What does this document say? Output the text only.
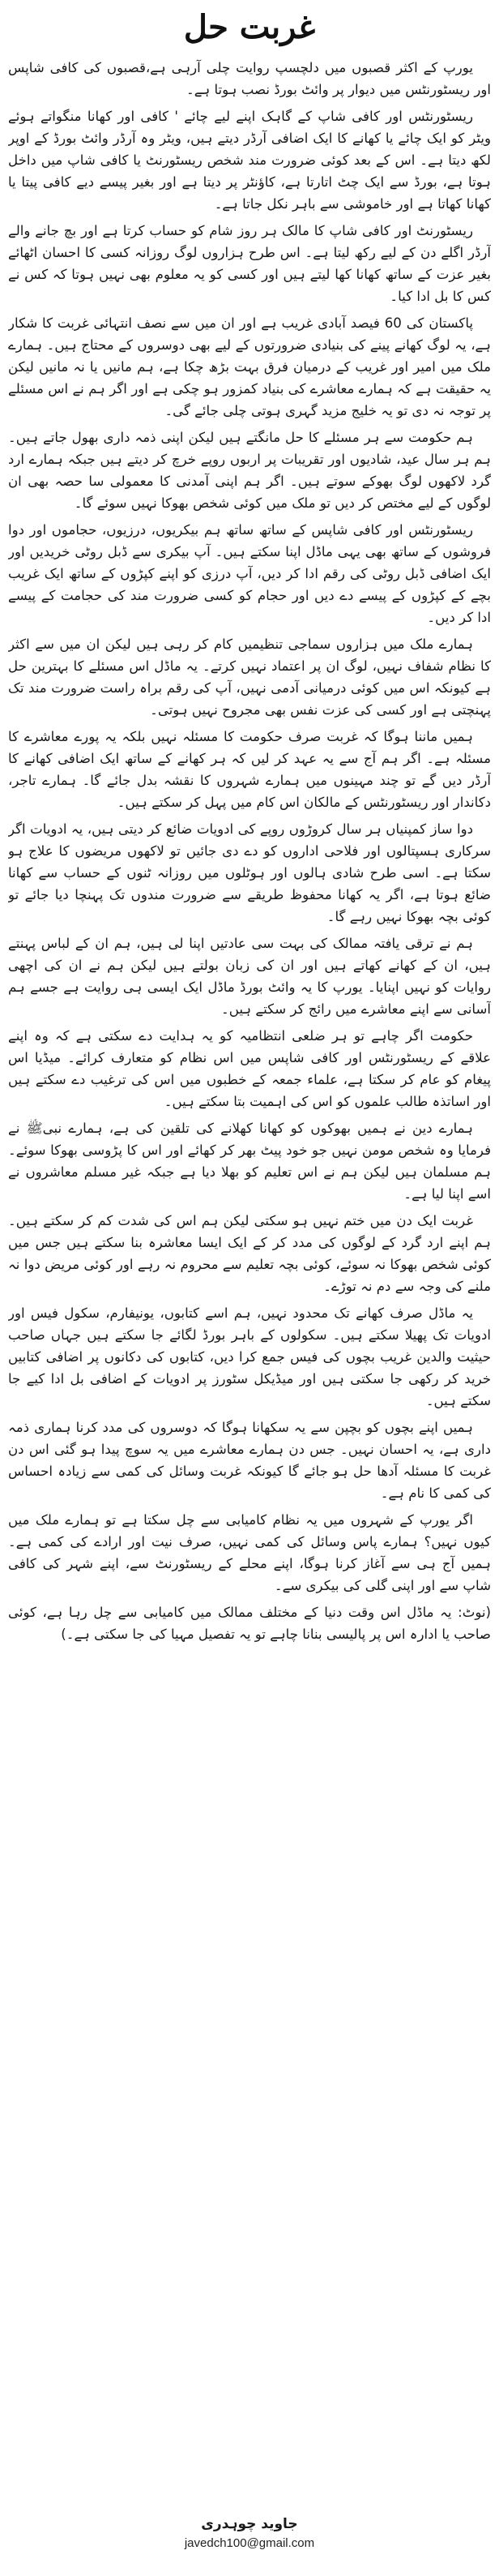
غربت حل

یورپ کے اکثر قصبوں میں دلچسپ روایت چلی آرہی ہے،قصبوں کی کافی شاپس اور ریسٹورنٹس میں دیوار پر وائٹ بورڈ نصب ہوتا ہے۔

ریسٹورنٹس اور کافی شاپ کے گاہک اپنے لیے چائے ' کافی اور کھانا منگواتے ہوئے ویٹر کو ایک چائے یا کھانے کا ایک اضافی آرڈر دیتے ہیں، ویٹر وہ آرڈر وائٹ بورڈ کے اوپر لکھ دیتا ہے۔ اس کے بعد کوئی ضرورت مند شخص ریسٹورنٹ یا کافی شاپ میں داخل ہوتا ہے، بورڈ سے ایک چٹ اتارتا ہے، کاؤنٹر پر دیتا ہے اور بغیر پیسے دیے کافی پیتا یا کھانا کھاتا ہے اور خاموشی سے باہر نکل جاتا ہے۔

ریسٹورنٹ اور کافی شاپ کا مالک ہر روز شام کو حساب کرتا ہے اور بچ جانے والے آرڈر اگلے دن کے لیے رکھ لیتا ہے۔ اس طرح ہزاروں لوگ روزانہ کسی کا احسان اٹھائے بغیر عزت کے ساتھ کھانا کھا لیتے ہیں اور کسی کو یہ معلوم بھی نہیں ہوتا کہ کس نے کس کا بل ادا کیا۔

پاکستان کی 60 فیصد آبادی غریب ہے اور ان میں سے نصف انتہائی غربت کا شکار ہے، یہ لوگ کھانے پینے کی بنیادی ضرورتوں کے لیے بھی دوسروں کے محتاج ہیں۔ ہمارے ملک میں امیر اور غریب کے درمیان فرق بہت بڑھ چکا ہے، ہم مانیں یا نہ مانیں لیکن یہ حقیقت ہے کہ ہمارے معاشرے کی بنیاد کمزور ہو چکی ہے اور اگر ہم نے اس مسئلے پر توجہ نہ دی تو یہ خلیج مزید گہری ہوتی چلی جائے گی۔

ہم حکومت سے ہر مسئلے کا حل مانگتے ہیں لیکن اپنی ذمہ داری بھول جاتے ہیں۔ ہم ہر سال عید، شادیوں اور تقریبات پر اربوں روپے خرچ کر دیتے ہیں جبکہ ہمارے ارد گرد لاکھوں لوگ بھوکے سوتے ہیں۔ اگر ہم اپنی آمدنی کا معمولی سا حصہ بھی ان لوگوں کے لیے مختص کر دیں تو ملک میں کوئی شخص بھوکا نہیں سوئے گا۔

ریسٹورنٹس اور کافی شاپس کے ساتھ ساتھ ہم بیکریوں، درزیوں، حجاموں اور دوا فروشوں کے ساتھ بھی یہی ماڈل اپنا سکتے ہیں۔ آپ بیکری سے ڈبل روٹی خریدیں اور ایک اضافی ڈبل روٹی کی رقم ادا کر دیں، آپ درزی کو اپنے کپڑوں کے ساتھ ایک غریب بچے کے کپڑوں کے پیسے دے دیں اور حجام کو کسی ضرورت مند کی حجامت کے پیسے ادا کر دیں۔

ہمارے ملک میں ہزاروں سماجی تنظیمیں کام کر رہی ہیں لیکن ان میں سے اکثر کا نظام شفاف نہیں، لوگ ان پر اعتماد نہیں کرتے۔ یہ ماڈل اس مسئلے کا بہترین حل ہے کیونکہ اس میں کوئی درمیانی آدمی نہیں، آپ کی رقم براہ راست ضرورت مند تک پہنچتی ہے اور کسی کی عزت نفس بھی مجروح نہیں ہوتی۔

ہمیں ماننا ہوگا کہ غربت صرف حکومت کا مسئلہ نہیں بلکہ یہ پورے معاشرے کا مسئلہ ہے۔ اگر ہم آج سے یہ عہد کر لیں کہ ہر کھانے کے ساتھ ایک اضافی کھانے کا آرڈر دیں گے تو چند مہینوں میں ہمارے شہروں کا نقشہ بدل جائے گا۔ ہمارے تاجر، دکاندار اور ریسٹورنٹس کے مالکان اس کام میں پہل کر سکتے ہیں۔

دوا ساز کمپنیاں ہر سال کروڑوں روپے کی ادویات ضائع کر دیتی ہیں، یہ ادویات اگر سرکاری ہسپتالوں اور فلاحی اداروں کو دے دی جائیں تو لاکھوں مریضوں کا علاج ہو سکتا ہے۔ اسی طرح شادی ہالوں اور ہوٹلوں میں روزانہ ٹنوں کے حساب سے کھانا ضائع ہوتا ہے، اگر یہ کھانا محفوظ طریقے سے ضرورت مندوں تک پہنچا دیا جائے تو کوئی بچہ بھوکا نہیں رہے گا۔

ہم نے ترقی یافتہ ممالک کی بہت سی عادتیں اپنا لی ہیں، ہم ان کے لباس پہنتے ہیں، ان کے کھانے کھاتے ہیں اور ان کی زبان بولتے ہیں لیکن ہم نے ان کی اچھی روایات کو نہیں اپنایا۔ یورپ کا یہ وائٹ بورڈ ماڈل ایک ایسی ہی روایت ہے جسے ہم آسانی سے اپنے معاشرے میں رائج کر سکتے ہیں۔

حکومت اگر چاہے تو ہر ضلعی انتظامیہ کو یہ ہدایت دے سکتی ہے کہ وہ اپنے علاقے کے ریسٹورنٹس اور کافی شاپس میں اس نظام کو متعارف کرائے۔ میڈیا اس پیغام کو عام کر سکتا ہے، علماء جمعہ کے خطبوں میں اس کی ترغیب دے سکتے ہیں اور اساتذہ طالب علموں کو اس کی اہمیت بتا سکتے ہیں۔

ہمارے دین نے ہمیں بھوکوں کو کھانا کھلانے کی تلقین کی ہے، ہمارے نبیﷺ نے فرمایا وہ شخص مومن نہیں جو خود پیٹ بھر کر کھائے اور اس کا پڑوسی بھوکا سوئے۔ ہم مسلمان ہیں لیکن ہم نے اس تعلیم کو بھلا دیا ہے جبکہ غیر مسلم معاشروں نے اسے اپنا لیا ہے۔

غربت ایک دن میں ختم نہیں ہو سکتی لیکن ہم اس کی شدت کم کر سکتے ہیں۔ ہم اپنے ارد گرد کے لوگوں کی مدد کر کے ایک ایسا معاشرہ بنا سکتے ہیں جس میں کوئی شخص بھوکا نہ سوئے، کوئی بچہ تعلیم سے محروم نہ رہے اور کوئی مریض دوا نہ ملنے کی وجہ سے دم نہ توڑے۔

یہ ماڈل صرف کھانے تک محدود نہیں، ہم اسے کتابوں، یونیفارم، سکول فیس اور ادویات تک پھیلا سکتے ہیں۔ سکولوں کے باہر بورڈ لگائے جا سکتے ہیں جہاں صاحب حیثیت والدین غریب بچوں کی فیس جمع کرا دیں، کتابوں کی دکانوں پر اضافی کتابیں خرید کر رکھی جا سکتی ہیں اور میڈیکل سٹورز پر ادویات کے اضافی بل ادا کیے جا سکتے ہیں۔

ہمیں اپنے بچوں کو بچپن سے یہ سکھانا ہوگا کہ دوسروں کی مدد کرنا ہماری ذمہ داری ہے، یہ احسان نہیں۔ جس دن ہمارے معاشرے میں یہ سوچ پیدا ہو گئی اس دن غربت کا مسئلہ آدھا حل ہو جائے گا کیونکہ غربت وسائل کی کمی سے زیادہ احساس کی کمی کا نام ہے۔

اگر یورپ کے شہروں میں یہ نظام کامیابی سے چل سکتا ہے تو ہمارے ملک میں کیوں نہیں؟ ہمارے پاس وسائل کی کمی نہیں، صرف نیت اور ارادے کی کمی ہے۔ ہمیں آج ہی سے آغاز کرنا ہوگا، اپنے محلے کے ریسٹورنٹ سے، اپنے شہر کی کافی شاپ سے اور اپنی گلی کی بیکری سے۔

(نوٹ: یہ ماڈل اس وقت دنیا کے مختلف ممالک میں کامیابی سے چل رہا ہے، کوئی صاحب یا ادارہ اس پر پالیسی بنانا چاہے تو یہ تفصیل مہیا کی جا سکتی ہے۔)

جاوید چوہدری
javedch100@gmail.com
